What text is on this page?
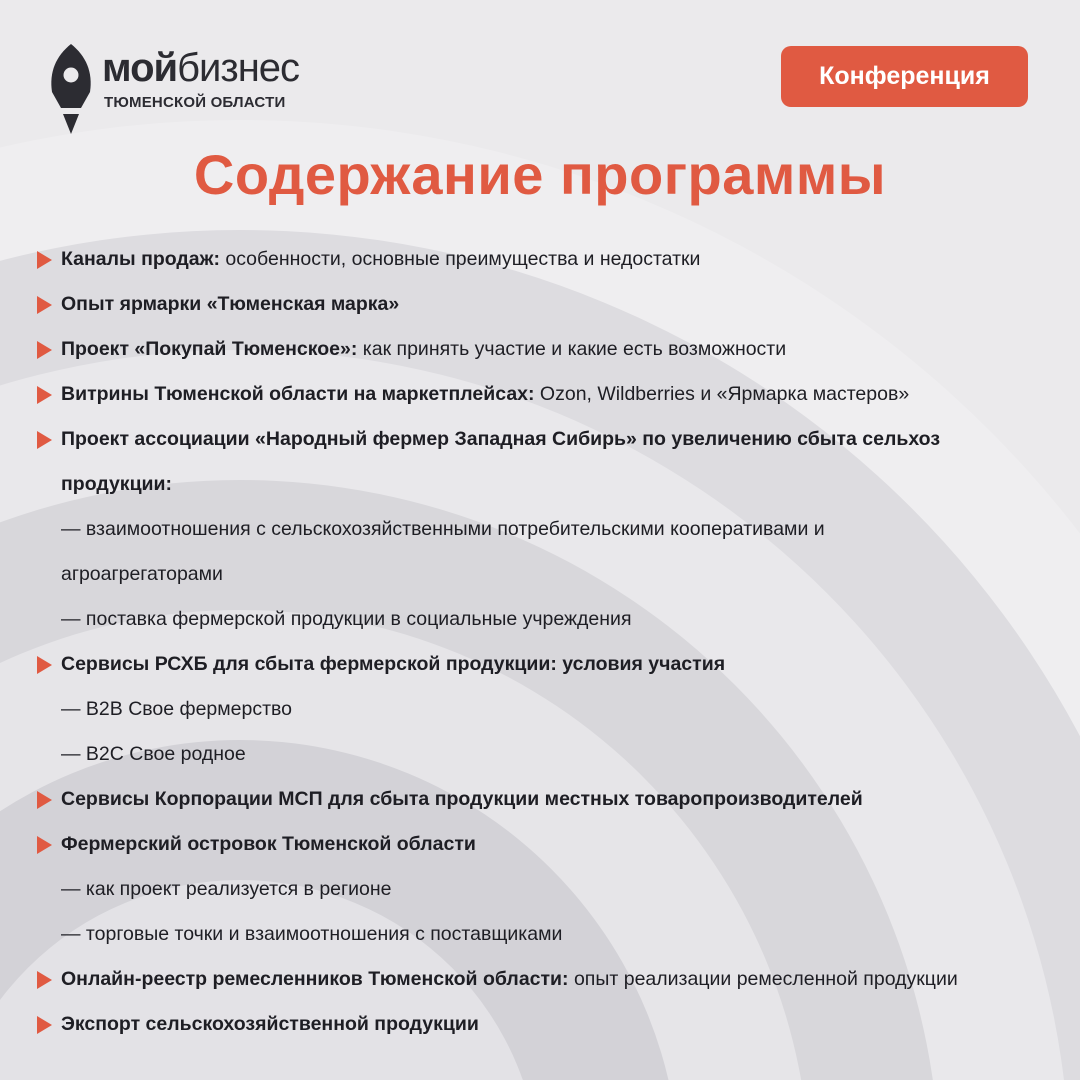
мойбизнес
ТЮМЕНСКОЙ ОБЛАСТИ
Конференция
Содержание программы
Каналы продаж: особенности, основные преимущества и недостатки
Опыт ярмарки «Тюменская марка»
Проект «Покупай Тюменское»: как принять участие и какие есть возможности
Витрины Тюменской области на маркетплейсах: Ozon, Wildberries и «Ярмарка мастеров»
Проект ассоциации «Народный фермер Западная Сибирь» по увеличению сбыта сельхоз
продукции:
— взаимоотношения с сельскохозяйственными потребительскими кооперативами и
агроагрегаторами
— поставка фермерской продукции в социальные учреждения
Сервисы РСХБ для сбыта фермерской продукции: условия участия
— B2B Свое фермерство
— B2C Свое родное
Сервисы Корпорации МСП для сбыта продукции местных товаропроизводителей
Фермерский островок Тюменской области
— как проект реализуется в регионе
— торговые точки и взаимоотношения с поставщиками
Онлайн-реестр ремесленников Тюменской области: опыт реализации ремесленной продукции
Экспорт сельскохозяйственной продукции
